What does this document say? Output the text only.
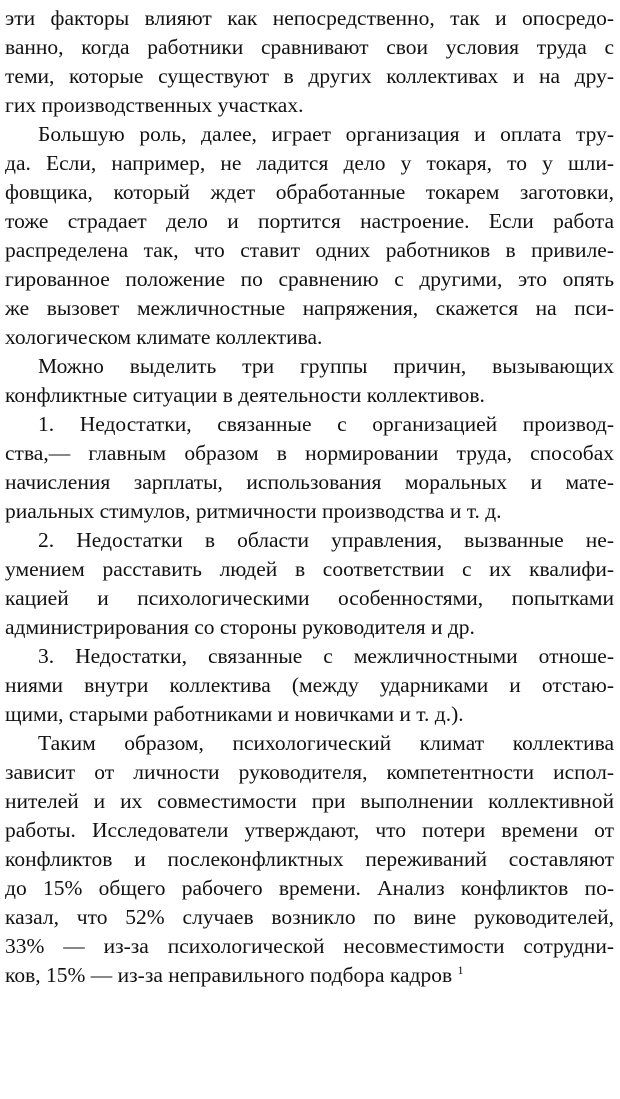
эти факторы влияют как непосредственно, так и опосредо-
ванно, когда работники сравнивают свои условия труда с
теми, которые существуют в других коллективах и на дру-
гих производственных участках.
Большую роль, далее, играет организация и оплата тру-
да. Если, например, не ладится дело у токаря, то у шли-
фовщика, который ждет обработанные токарем заготовки,
тоже страдает дело и портится настроение. Если работа
распределена так, что ставит одних работников в привиле-
гированное положение по сравнению с другими, это опять
же вызовет межличностные напряжения, скажется на пси-
хологическом климате коллектива.
Можно выделить три группы причин, вызывающих
конфликтные ситуации в деятельности коллективов.
1. Недостатки, связанные с организацией производ-
ства,— главным образом в нормировании труда, способах
начисления зарплаты, использования моральных и мате-
риальных стимулов, ритмичности производства и т. д.
2. Недостатки в области управления, вызванные не-
умением расставить людей в соответствии с их квалифи-
кацией и психологическими особенностями, попытками
администрирования со стороны руководителя и др.
3. Недостатки, связанные с межличностными отноше-
ниями внутри коллектива (между ударниками и отстаю-
щими, старыми работниками и новичками и т. д.).
Таким образом, психологический климат коллектива
зависит от личности руководителя, компетентности испол-
нителей и их совместимости при выполнении коллективной
работы. Исследователи утверждают, что потери времени от
конфликтов и послеконфликтных переживаний составляют
до 15% общего рабочего времени. Анализ конфликтов по-
казал, что 52% случаев возникло по вине руководителей,
33% — из-за психологической несовместимости сотрудни-
ков, 15% — из-за неправильного подбора кадров $^1$
